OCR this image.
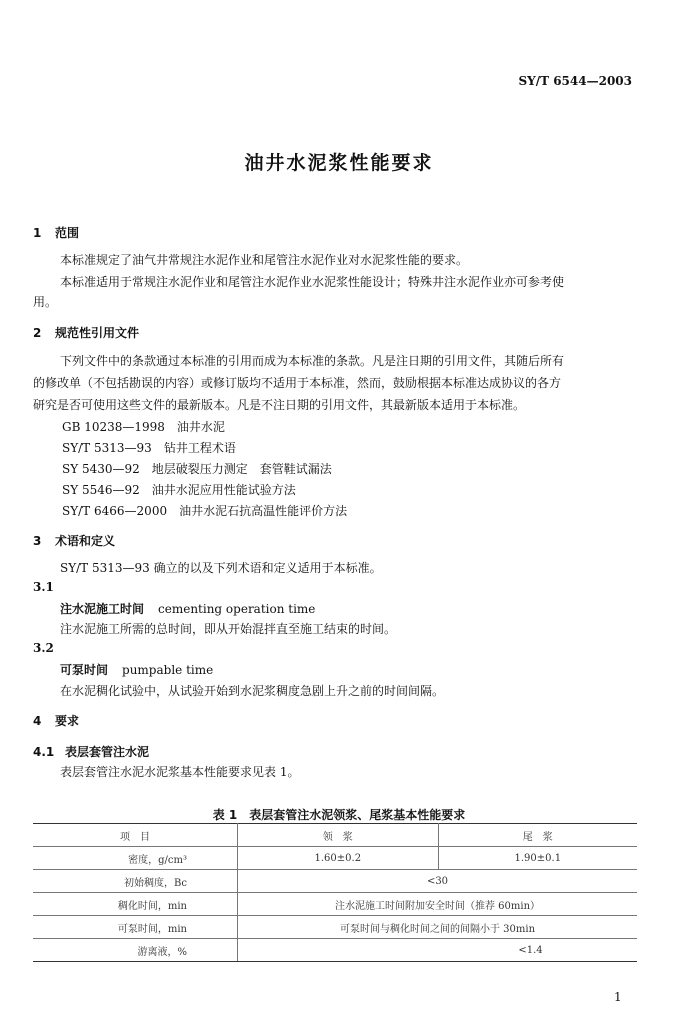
SY/T 6544—2003
油井水泥浆性能要求
1 范围
本标准规定了油气井常规注水泥作业和尾管注水泥作业对水泥浆性能的要求。
本标准适用于常规注水泥作业和尾管注水泥作业水泥浆性能设计；特殊井注水泥作业亦可参考使
用。
2 规范性引用文件
下列文件中的条款通过本标准的引用而成为本标准的条款。凡是注日期的引用文件，其随后所有
的修改单（不包括勘误的内容）或修订版均不适用于本标准，然而，鼓励根据本标准达成协议的各方
研究是否可使用这些文件的最新版本。凡是不注日期的引用文件，其最新版本适用于本标准。
GB 10238—1998　油井水泥
SY/T 5313—93　钻井工程术语
SY 5430—92　地层破裂压力测定　套管鞋试漏法
SY 5546—92　油井水泥应用性能试验方法
SY/T 6466—2000　油井水泥石抗高温性能评价方法
3 术语和定义
SY/T 5313—93 确立的以及下列术语和定义适用于本标准。
3.1
注水泥施工时间 cementing operation time
注水泥施工所需的总时间，即从开始混拌直至施工结束的时间。
3.2
可泵时间 pumpable time
在水泥稠化试验中，从试验开始到水泥浆稠度急剧上升之前的时间间隔。
4 要求
4.1 表层套管注水泥
表层套管注水泥水泥浆基本性能要求见表 1。
表 1　表层套管注水泥领浆、尾浆基本性能要求
项　目	领　浆	尾　浆
密度，g/cm³	1.60±0.2	1.90±0.1
初始稠度，Bc	<30	
稠化时间，min	注水泥施工时间附加安全时间（推荐 60min）	
可泵时间，min	可泵时间与稠化时间之间的间隔小于 30min	
游离液，%	<1.4	
1
